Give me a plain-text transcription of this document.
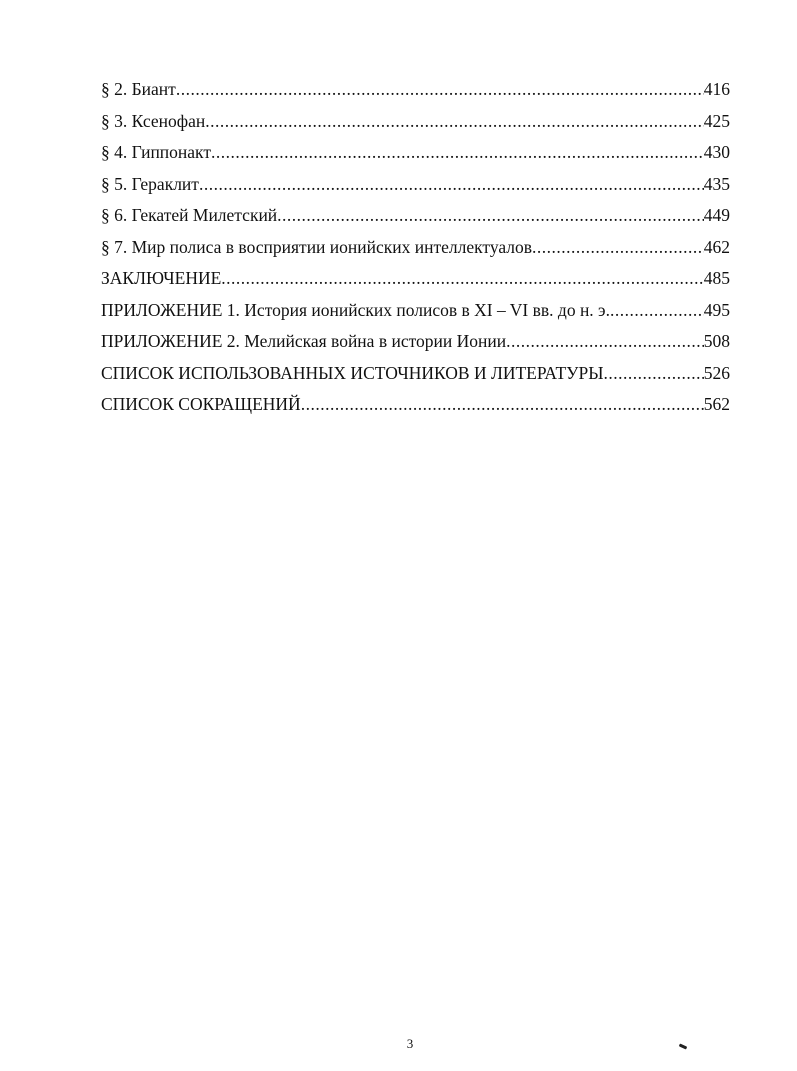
§ 2. Биант .....	416
§ 3. Ксенофан .....	425
§ 4. Гиппонакт .....	430
§ 5. Гераклит .....	435
§ 6. Гекатей Милетский .....	449
§ 7. Мир полиса в восприятии ионийских интеллектуалов .....	462
ЗАКЛЮЧЕНИЕ .....	485
ПРИЛОЖЕНИЕ 1. История ионийских полисов в XI – VI вв. до н. э. .....	495
ПРИЛОЖЕНИЕ 2. Мелийская война в истории Ионии .....	508
СПИСОК ИСПОЛЬЗОВАННЫХ ИСТОЧНИКОВ И ЛИТЕРАТУРЫ .....	526
СПИСОК СОКРАЩЕНИЙ .....	562
3
